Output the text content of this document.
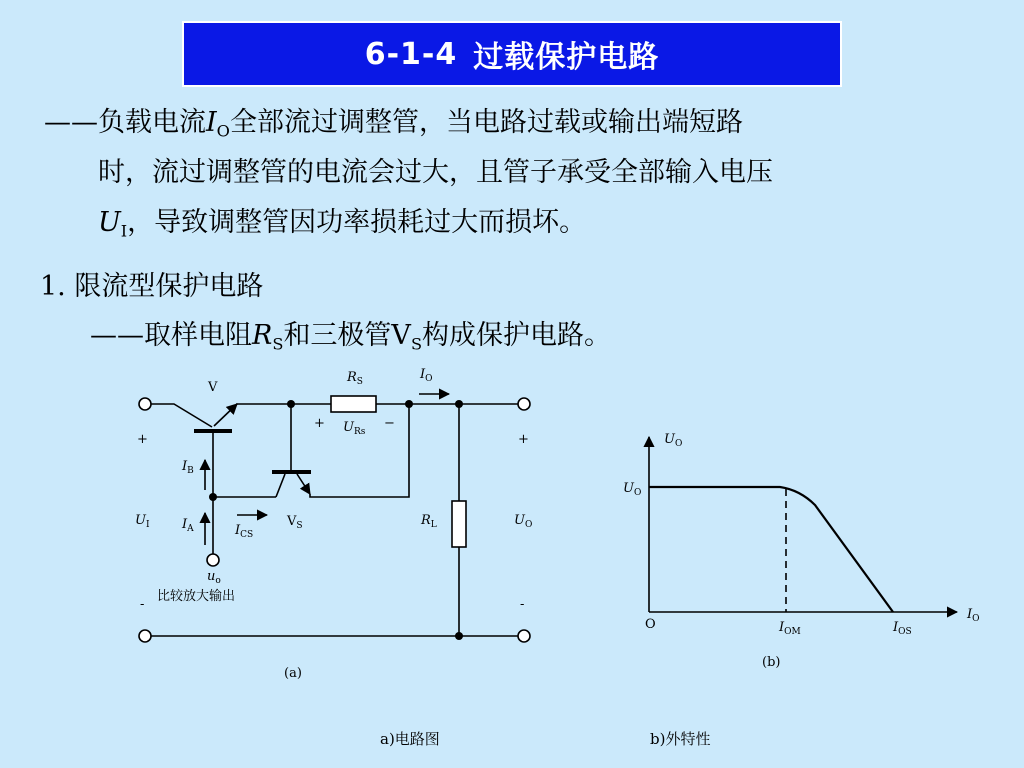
6-1-4 过载保护电路
——负载电流$I_O$全部流过调整管，当电路过载或输出端短路
时，流过调整管的电流会过大，且管子承受全部输入电压
$U_I$，导致调整管因功率损耗过大而损坏。
1. 限流型保护电路
——取样电阻$R_S$和三极管$V_S$构成保护电路。
V
$V_S$
$R_S$	$I_O$
+ $U_{Rs}$
−
+
-
+
-
$U_I$	$U_O$
$I_B$
$I_A$	$I_{CS}$
$R_L$
$u_o$
比较放大输出
(a)
$U_O$
$U_O$
O
$I_O$
$I_{OM}$	$I_{OS}$
(b)
a)电路图	b)外特性
